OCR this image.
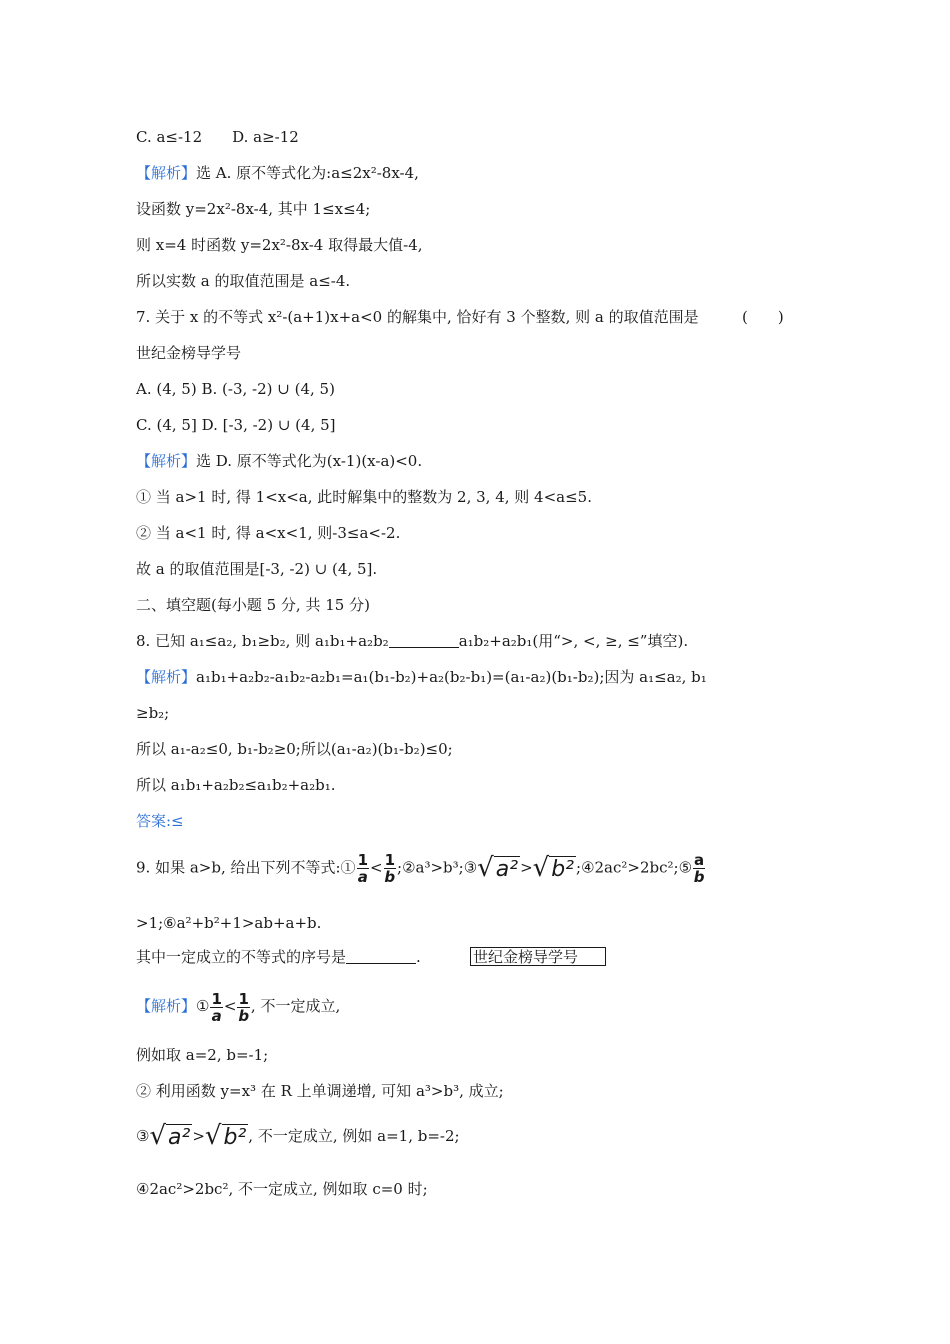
C. a≤-12　　D. a≥-12
【解析】选 A. 原不等式化为:a≤2x²-8x-4,
设函数 y=2x²-8x-4, 其中 1≤x≤4;
则 x=4 时函数 y=2x²-8x-4 取得最大值-4,
所以实数 a 的取值范围是 a≤-4.
7. 关于 x 的不等式 x²-(a+1)x+a<0 的解集中, 恰好有 3 个整数, 则 a 的取值范围是	(　　)
世纪金榜导学号
A. (4, 5) B. (-3, -2) ∪ (4, 5)
C. (4, 5] D. [-3, -2) ∪ (4, 5]
【解析】选 D. 原不等式化为(x-1)(x-a)<0.
① 当 a>1 时, 得 1<x<a, 此时解集中的整数为 2, 3, 4, 则 4<a≤5.
② 当 a<1 时, 得 a<x<1, 则-3≤a<-2.
故 a 的取值范围是[-3, -2) ∪ (4, 5].
二、填空题(每小题 5 分, 共 15 分)
8. 已知 a₁≤a₂, b₁≥b₂, 则 a₁b₁+a₂b₂	a₁b₂+a₂b₁(用“>, <, ≥, ≤”填空).
【解析】a₁b₁+a₂b₂-a₁b₂-a₂b₁=a₁(b₁-b₂)+a₂(b₂-b₁)=(a₁-a₂)(b₁-b₂);因为 a₁≤a₂, b₁
≥b₂;
所以 a₁-a₂≤0, b₁-b₂≥0;所以(a₁-a₂)(b₁-b₂)≤0;
所以 a₁b₁+a₂b₂≤a₁b₂+a₂b₁.
答案:≤
9. 如果 a>b, 给出下列不等式:① $\frac{1}{a} < \frac{1}{b}$ ;②a³>b³;③√a² >√b² ;④2ac²>2bc²;⑤ $\frac{a}{b}$
>1;⑥a²+b²+1>ab+a+b.
其中一定成立的不等式的序号是	.	世纪金榜导学号
【解析】① $\frac{1}{a} < \frac{1}{b}$ , 不一定成立,
例如取 a=2, b=-1;
② 利用函数 y=x³ 在 R 上单调递增, 可知 a³>b³, 成立;
③√a² >√b² , 不一定成立, 例如 a=1, b=-2;
④2ac²>2bc², 不一定成立, 例如取 c=0 时;
